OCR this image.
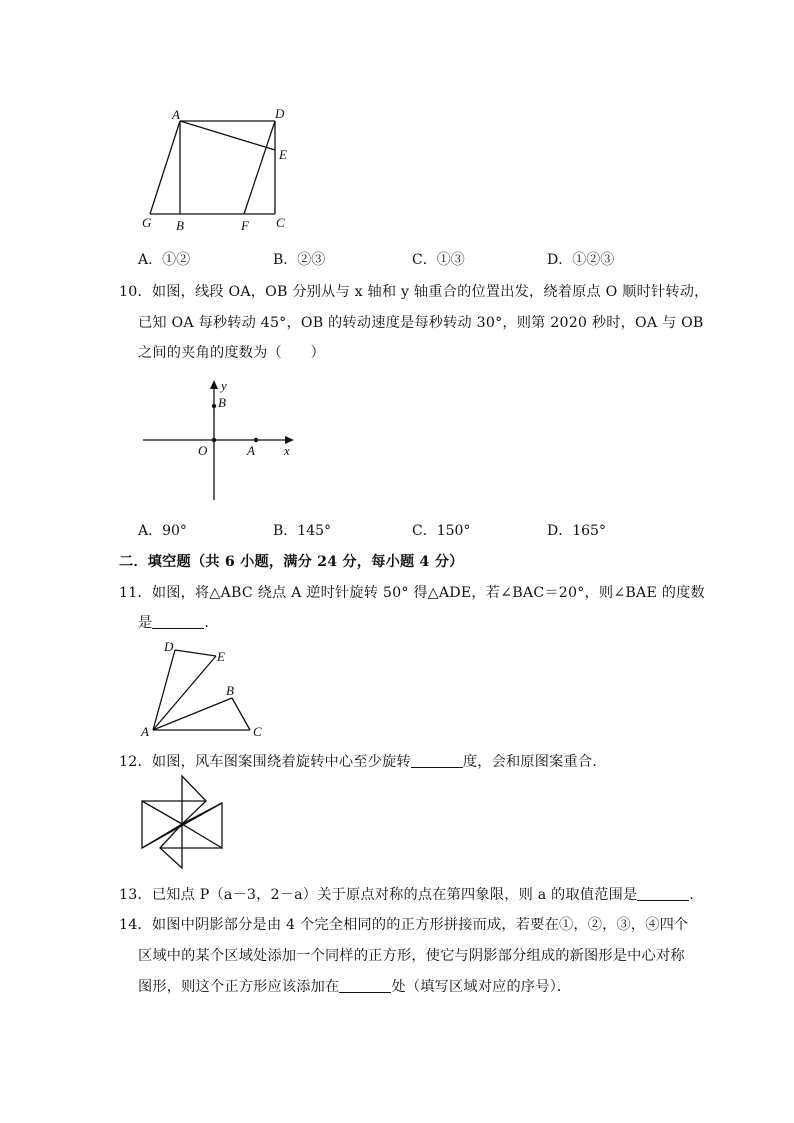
A	D
E
G B	F C
A．①②	B．②③	C．①③	D．①②③
10．如图，线段 OA，OB 分别从与 x 轴和 y 轴重合的位置出发，绕着原点 O 顺时针转动，
已知 OA 每秒转动 45°，OB 的转动速度是每秒转动 30°，则第 2020 秒时，OA 与 OB
之间的夹角的度数为（　　）
y
B
O	A x
A．90°	B．145°	C．150°	D．165°
二．填空题（共 6 小题，满分 24 分，每小题 4 分）
11．如图，将△ABC 绕点 A 逆时针旋转 50° 得△ADE，若∠BAC＝20°，则∠BAE 的度数
是	．
D
E
B
A	C
12．如图，风车图案围绕着旋转中心至少旋转	度，会和原图案重合．
13．已知点 P（a－3，2－a）关于原点对称的点在第四象限，则 a 的取值范围是	．
14．如图中阴影部分是由 4 个完全相同的的正方形拼接而成，若要在①，②，③，④四个
区域中的某个区域处添加一个同样的正方形，使它与阴影部分组成的新图形是中心对称
图形，则这个正方形应该添加在	处（填写区域对应的序号）．
